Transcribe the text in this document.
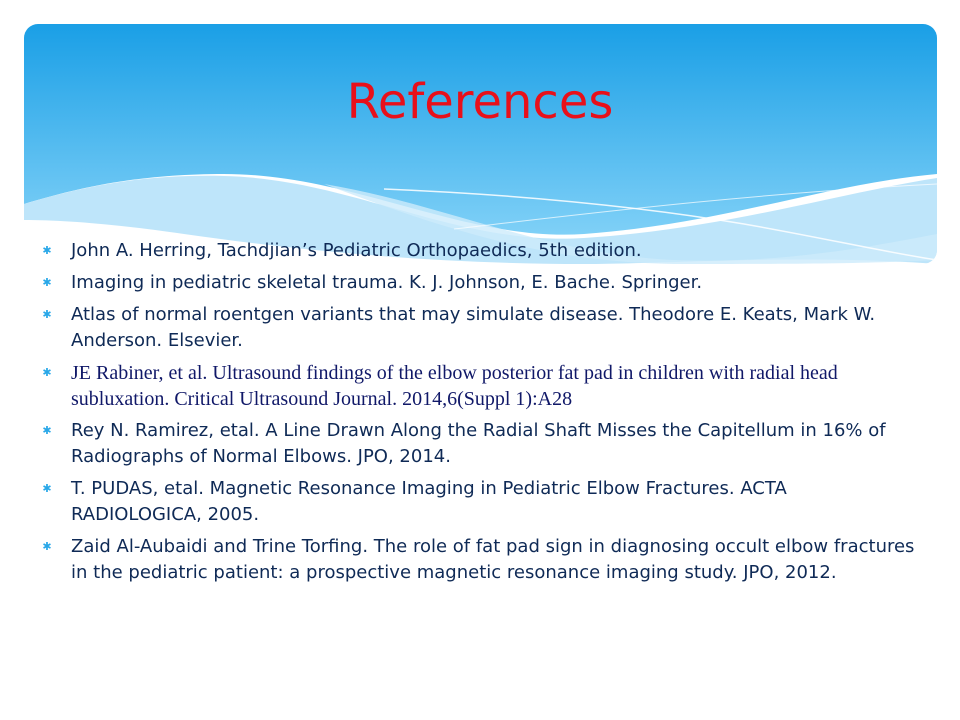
References
✱ John A. Herring, Tachdjian’s Pediatric Orthopaedics, 5th edition.
✱ Imaging in pediatric skeletal trauma. K. J. Johnson, E. Bache. Springer.
✱ Atlas of normal roentgen variants that may simulate disease. Theodore E. Keats, Mark W. Anderson. Elsevier.
✱ JE Rabiner, et al. Ultrasound findings of the elbow posterior fat pad in children with radial head subluxation. Critical Ultrasound Journal. 2014,6(Suppl 1):A28
✱ Rey N. Ramirez, etal. A Line Drawn Along the Radial Shaft Misses the Capitellum in 16% of Radiographs of Normal Elbows. JPO, 2014.
✱ T. PUDAS, etal. Magnetic Resonance Imaging in Pediatric Elbow Fractures. ACTA RADIOLOGICA, 2005.
✱ Zaid Al-Aubaidi and Trine Torfing. The role of fat pad sign in diagnosing occult elbow fractures in the pediatric patient: a prospective magnetic resonance imaging study. JPO, 2012.
